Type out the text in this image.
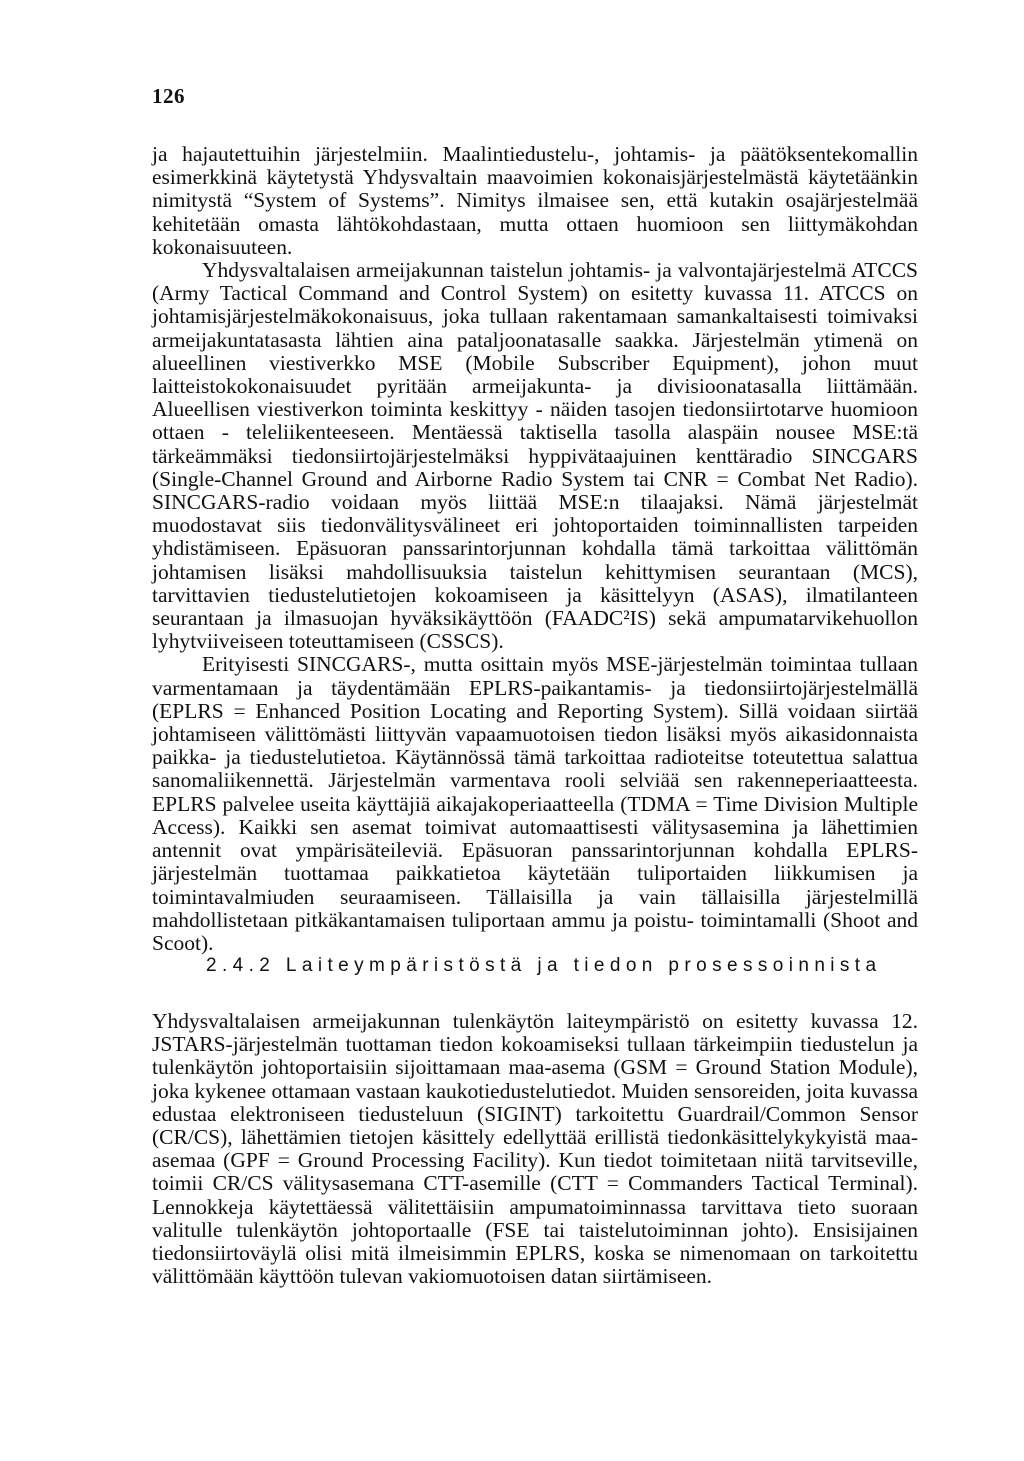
126

ja hajautettuihin järjestelmiin. Maalintiedustelu-, johtamis- ja päätöksentekomallin esimerkkinä käytetystä Yhdysvaltain maavoimien kokonaisjärjestelmästä käytetäänkin nimitystä “System of Systems”. Nimitys ilmaisee sen, että kutakin osajärjestelmää kehitetään omasta lähtökohdastaan, mutta ottaen huomioon sen liittymäkohdan kokonaisuuteen.

Yhdysvaltalaisen armeijakunnan taistelun johtamis- ja valvontajärjestelmä ATCCS (Army Tactical Command and Control System) on esitetty kuvassa 11. ATCCS on johtamisjärjestelmäkokonaisuus, joka tullaan rakentamaan samankaltaisesti toimivaksi armeijakuntatasasta lähtien aina pataljoonatasalle saakka. Järjestelmän ytimenä on alueellinen viestiverkko MSE (Mobile Subscriber Equipment), johon muut laitteistokokonaisuudet pyritään armeijakunta- ja divisioonatasalla liittämään. Alueellisen viestiverkon toiminta keskittyy - näiden tasojen tiedonsiirtotarve huomioon ottaen - teleliikenteeseen. Mentäessä taktisella tasolla alaspäin nousee MSE:tä tärkeämmäksi tiedonsiirtojärjestelmäksi hyppivätaajuinen kenttäradio SINCGARS (Single-Channel Ground and Airborne Radio System tai CNR = Combat Net Radio). SINCGARS-radio voidaan myös liittää MSE:n tilaajaksi. Nämä järjestelmät muodostavat siis tiedonvälitysvälineet eri johtoportaiden toiminnallisten tarpeiden yhdistämiseen. Epäsuoran panssarintorjunnan kohdalla tämä tarkoittaa välittömän johtamisen lisäksi mahdollisuuksia taistelun kehittymisen seurantaan (MCS), tarvittavien tiedustelutietojen kokoamiseen ja käsittelyyn (ASAS), ilmatilanteen seurantaan ja ilmasuojan hyväksikäyttöön (FAADC²IS) sekä ampumatarvikehuollon lyhytviiveiseen toteuttamiseen (CSSCS).

Erityisesti SINCGARS-, mutta osittain myös MSE-järjestelmän toimintaa tullaan varmentamaan ja täydentämään EPLRS-paikantamis- ja tiedonsiirtojärjestelmällä (EPLRS = Enhanced Position Locating and Reporting System). Sillä voidaan siirtää johtamiseen välittömästi liittyvän vapaamuotoisen tiedon lisäksi myös aikasidonnaista paikka- ja tiedustelutietoa. Käytännössä tämä tarkoittaa radioteitse toteutettua salattua sanomaliikennettä. Järjestelmän varmentava rooli selviää sen rakenneperiaatteesta. EPLRS palvelee useita käyttäjiä aikajakoperiaatteella (TDMA = Time Division Multiple Access). Kaikki sen asemat toimivat automaattisesti välitysasemina ja lähettimien antennit ovat ympärisäteileviä. Epäsuoran panssarintorjunnan kohdalla EPLRS-järjestelmän tuottamaa paikkatietoa käytetään tuliportaiden liikkumisen ja toimintavalmiuden seuraamiseen. Tällaisilla ja vain tällaisilla järjestelmillä mahdollistetaan pitkäkantamaisen tuliportaan ammu ja poistu- toimintamalli (Shoot and Scoot).

2.4.2 Laiteympäristöstä ja tiedon prosessoinnista

Yhdysvaltalaisen armeijakunnan tulenkäytön laiteympäristö on esitetty kuvassa 12. JSTARS-järjestelmän tuottaman tiedon kokoamiseksi tullaan tärkeimpiin tiedustelun ja tulenkäytön johtoportaisiin sijoittamaan maa-asema (GSM = Ground Station Module), joka kykenee ottamaan vastaan kaukotiedustelutiedot. Muiden sensoreiden, joita kuvassa edustaa elektroniseen tiedusteluun (SIGINT) tarkoitettu Guardrail/Common Sensor (CR/CS), lähettämien tietojen käsittely edellyttää erillistä tiedonkäsittelykykyistä maa-asemaa (GPF = Ground Processing Facility). Kun tiedot toimitetaan niitä tarvitseville, toimii CR/CS välitysasemana CTT-asemille (CTT = Commanders Tactical Terminal). Lennokkeja käytettäessä välitettäisiin ampumatoiminnassa tarvittava tieto suoraan valitulle tulenkäytön johtoportaalle (FSE tai taistelutoiminnan johto). Ensisijainen tiedonsiirtoväylä olisi mitä ilmeisimmin EPLRS, koska se nimenomaan on tarkoitettu välittömään käyttöön tulevan vakiomuotoisen datan siirtämiseen.
